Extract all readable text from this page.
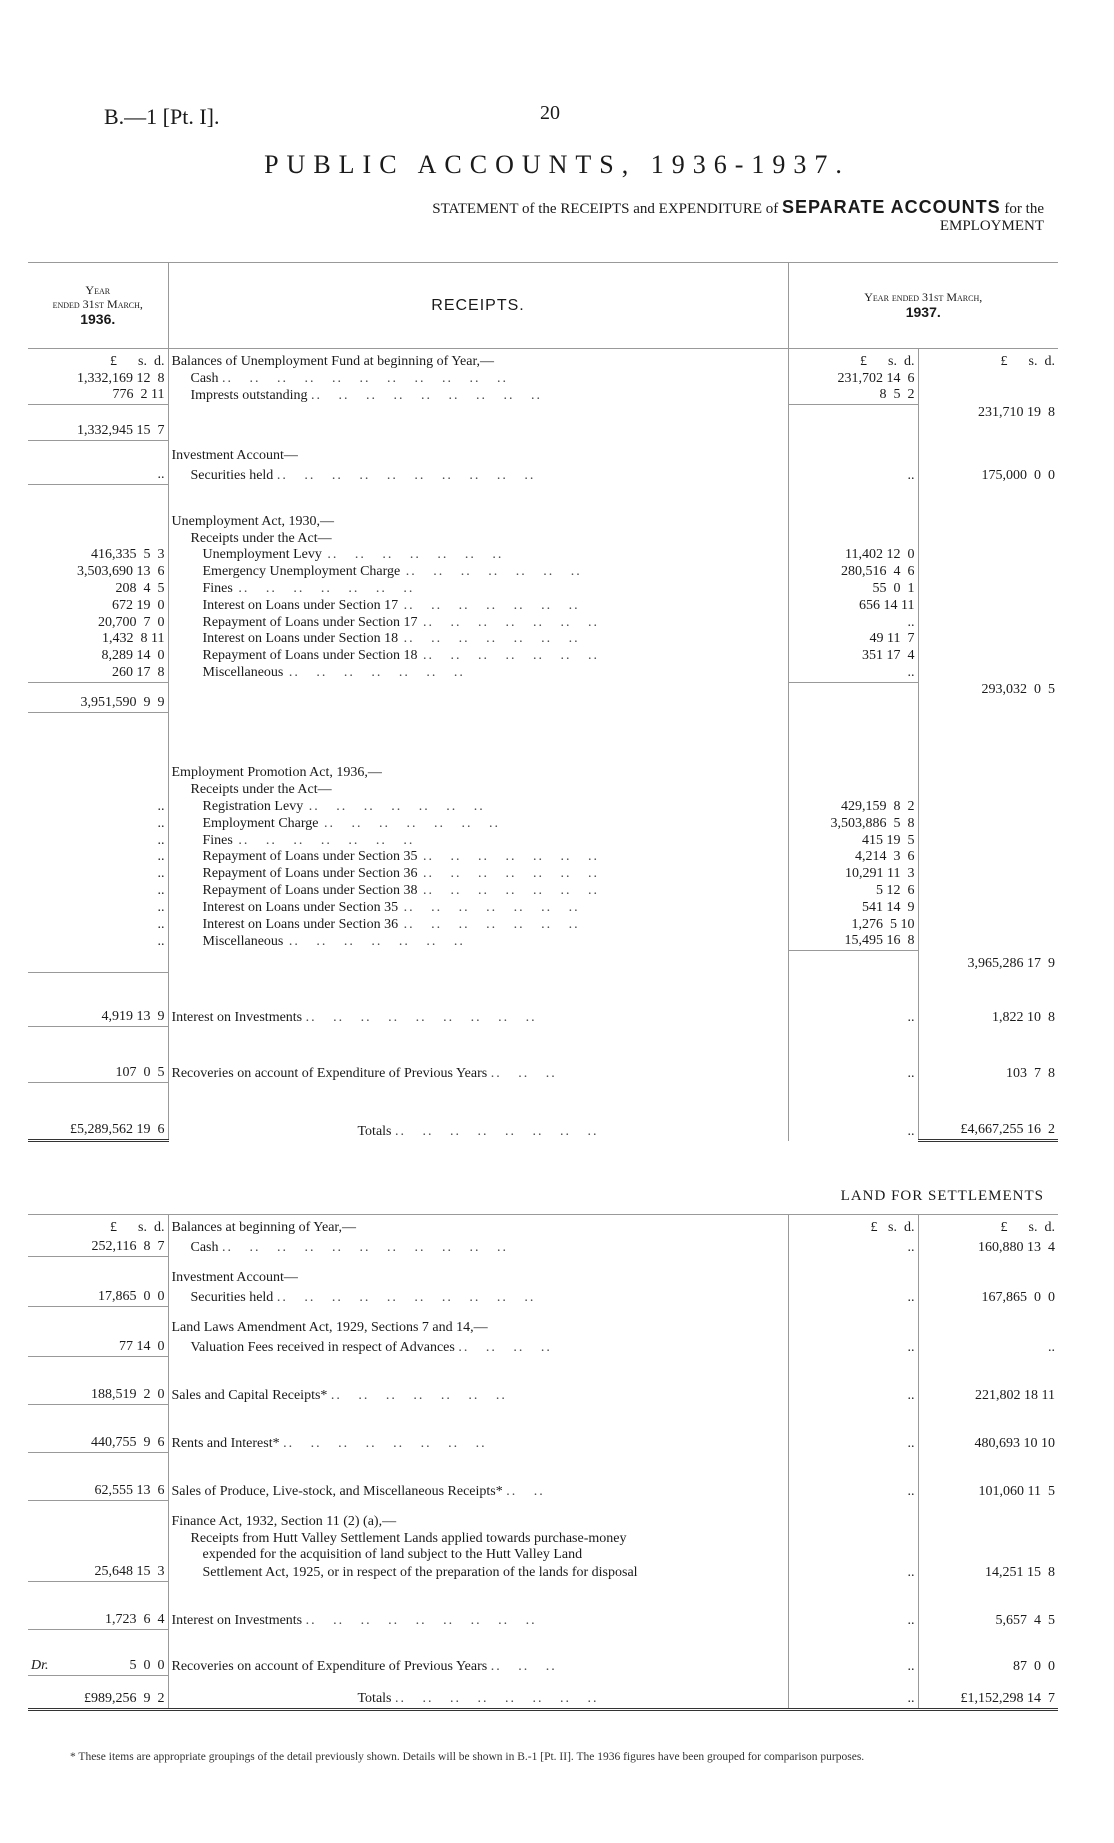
B.—1 [Pt. I].	20
PUBLIC ACCOUNTS, 1936-1937.
STATEMENT of the RECEIPTS and EXPENDITURE of SEPARATE ACCOUNTS for the
EMPLOYMENT
Year
ended 31st March,
1936.	RECEIPTS.	Year ended 31st March,
1937.	
£      s.  d.	Balances of Unemployment Fund at beginning of Year,—	£      s.  d.	£      s.  d.
1,332,169 12  8	Cash ..   ..   ..   ..   ..   ..   ..   ..   ..   ..   ..	231,702 14  6	
776  2 11	Imprests outstanding ..   ..   ..   ..   ..   ..   ..   ..   ..	8  5  2	
1,332,945 15  7			231,710 19  8
	Investment Account—		
..	Securities held ..   ..   ..   ..   ..   ..   ..   ..   ..   ..	..	175,000  0  0
	Unemployment Act, 1930,—		
	Receipts under the Act—		
416,335  5  3	Unemployment Levy ..   ..   ..   ..   ..   ..   ..	11,402 12  0	
3,503,690 13  6	Emergency Unemployment Charge ..   ..   ..   ..   ..   ..   ..	280,516  4  6	
208  4  5	Fines ..   ..   ..   ..   ..   ..   ..	55  0  1	
672 19  0	Interest on Loans under Section 17 ..   ..   ..   ..   ..   ..   ..	656 14 11	
20,700  7  0	Repayment of Loans under Section 17 ..   ..   ..   ..   ..   ..   ..	..	
1,432  8 11	Interest on Loans under Section 18 ..   ..   ..   ..   ..   ..   ..	49 11  7	
8,289 14  0	Repayment of Loans under Section 18 ..   ..   ..   ..   ..   ..   ..	351 17  4	
260 17  8	Miscellaneous ..   ..   ..   ..   ..   ..   ..	..	
3,951,590  9  9			293,032  0  5
	Employment Promotion Act, 1936,—		
	Receipts under the Act—		
..	Registration Levy ..   ..   ..   ..   ..   ..   ..	429,159  8  2	
..	Employment Charge ..   ..   ..   ..   ..   ..   ..	3,503,886  5  8	
..	Fines ..   ..   ..   ..   ..   ..   ..	415 19  5	
..	Repayment of Loans under Section 35 ..   ..   ..   ..   ..   ..   ..	4,214  3  6	
..	Repayment of Loans under Section 36 ..   ..   ..   ..   ..   ..   ..	10,291 11  3	
..	Repayment of Loans under Section 38 ..   ..   ..   ..   ..   ..   ..	5 12  6	
..	Interest on Loans under Section 35 ..   ..   ..   ..   ..   ..   ..	541 14  9	
..	Interest on Loans under Section 36 ..   ..   ..   ..   ..   ..   ..	1,276  5 10	
..	Miscellaneous ..   ..   ..   ..   ..   ..   ..	15,495 16  8	
			3,965,286 17  9
4,919 13  9	Interest on Investments ..   ..   ..   ..   ..   ..   ..   ..   ..	..	1,822 10  8
107  0  5	Recoveries on account of Expenditure of Previous Years ..   ..   ..	..	103  7  8
£5,289,562 19  6	Totals ..   ..   ..   ..   ..   ..   ..   ..	..	£4,667,255 16  2
LAND FOR SETTLEMENTS
£      s.  d.	Balances at beginning of Year,—	£   s.  d.	£      s.  d.
252,116  8  7	Cash ..   ..   ..   ..   ..   ..   ..   ..   ..   ..   ..	..	160,880 13  4
	Investment Account—		
17,865  0  0	Securities held ..   ..   ..   ..   ..   ..   ..   ..   ..   ..	..	167,865  0  0
	Land Laws Amendment Act, 1929, Sections 7 and 14,—		
77 14  0	Valuation Fees received in respect of Advances ..   ..   ..   ..	..	..
188,519  2  0	Sales and Capital Receipts* ..   ..   ..   ..   ..   ..   ..	..	221,802 18 11
440,755  9  6	Rents and Interest* ..   ..   ..   ..   ..   ..   ..   ..	..	480,693 10 10
62,555 13  6	Sales of Produce, Live-stock, and Miscellaneous Receipts* ..   ..	..	101,060 11  5
	Finance Act, 1932, Section 11 (2) (a),—		
	Receipts from Hutt Valley Settlement Lands applied towards purchase-money		
	expended for the acquisition of land subject to the Hutt Valley Land		
25,648 15  3	Settlement Act, 1925, or in respect of the preparation of the lands for disposal	..	14,251 15  8
1,723  6  4	Interest on Investments ..   ..   ..   ..   ..   ..   ..   ..   ..	..	5,657  4  5

Dr. 5  0  0	Recoveries on account of Expenditure of Previous Years ..   ..   ..	..	87  0  0
£989,256  9  2	Totals ..   ..   ..   ..   ..   ..   ..   ..	..	£1,152,298 14  7
* These items are appropriate groupings of the detail previously shown. Details will be shown in B.-1 [Pt. II]. The 1936 figures have been grouped for comparison purposes.
